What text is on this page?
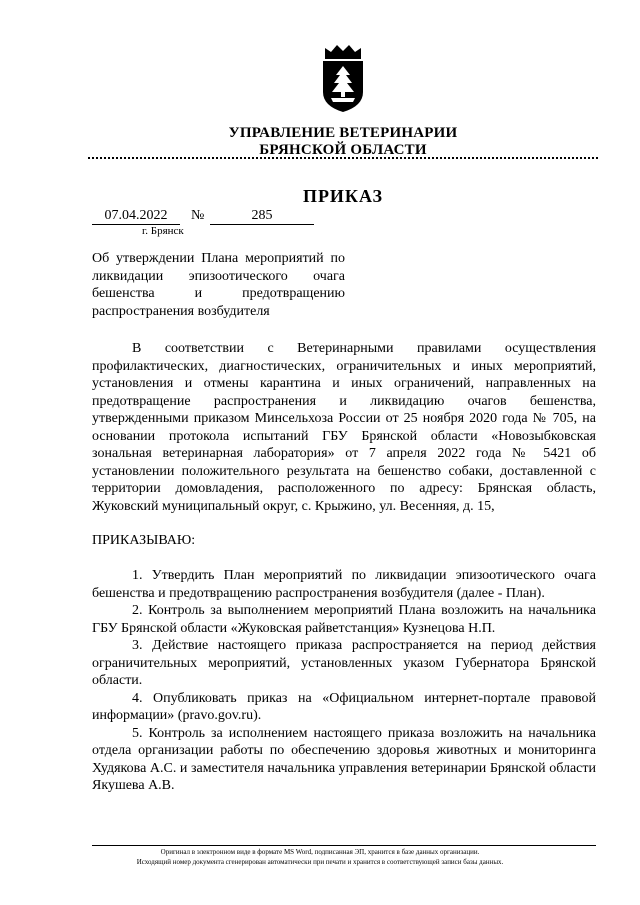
УПРАВЛЕНИЕ ВЕТЕРИНАРИИ
БРЯНСКОЙ ОБЛАСТИ
ПРИКАЗ
07.04.2022	№	285
г. Брянск
Об утверждении Плана мероприятий по ликвидации эпизоотического очага бешенства и предотвращению распространения возбудителя
В соответствии с Ветеринарными правилами осуществления профилактических, диагностических, ограничительных и иных мероприятий, установления и отмены карантина и иных ограничений, направленных на предотвращение распространения и ликвидацию очагов бешенства, утвержденными приказом Минсельхоза России от 25 ноября 2020 года № 705, на основании протокола испытаний ГБУ Брянской области «Новозыбковская зональная ветеринарная лаборатория» от 7 апреля 2022 года № 5421 об установлении положительного результата на бешенство собаки, доставленной с территории домовладения, расположенного по адресу: Брянская область, Жуковский муниципальный округ, с. Крыжино, ул. Весенняя, д. 15,
ПРИКАЗЫВАЮ:

1. Утвердить План мероприятий по ликвидации эпизоотического очага бешенства и предотвращению распространения возбудителя (далее - План).

2. Контроль за выполнением мероприятий Плана возложить на начальника ГБУ Брянской области «Жуковская райветстанция» Кузнецова Н.П.

3. Действие настоящего приказа распространяется на период действия ограничительных мероприятий, установленных указом Губернатора Брянской области.

4. Опубликовать приказ на «Официальном интернет-портале правовой информации» (pravo.gov.ru).

5. Контроль за исполнением настоящего приказа возложить на начальника отдела организации работы по обеспечению здоровья животных и мониторинга Худякова А.С. и заместителя начальника управления ветеринарии Брянской области Якушева А.В.

Оригинал в электронном виде в формате MS Word, подписанная ЭП, хранится в базе данных организации.
Исходящий номер документа сгенерирован автоматически при печати и хранится в соответствующей записи базы данных.
